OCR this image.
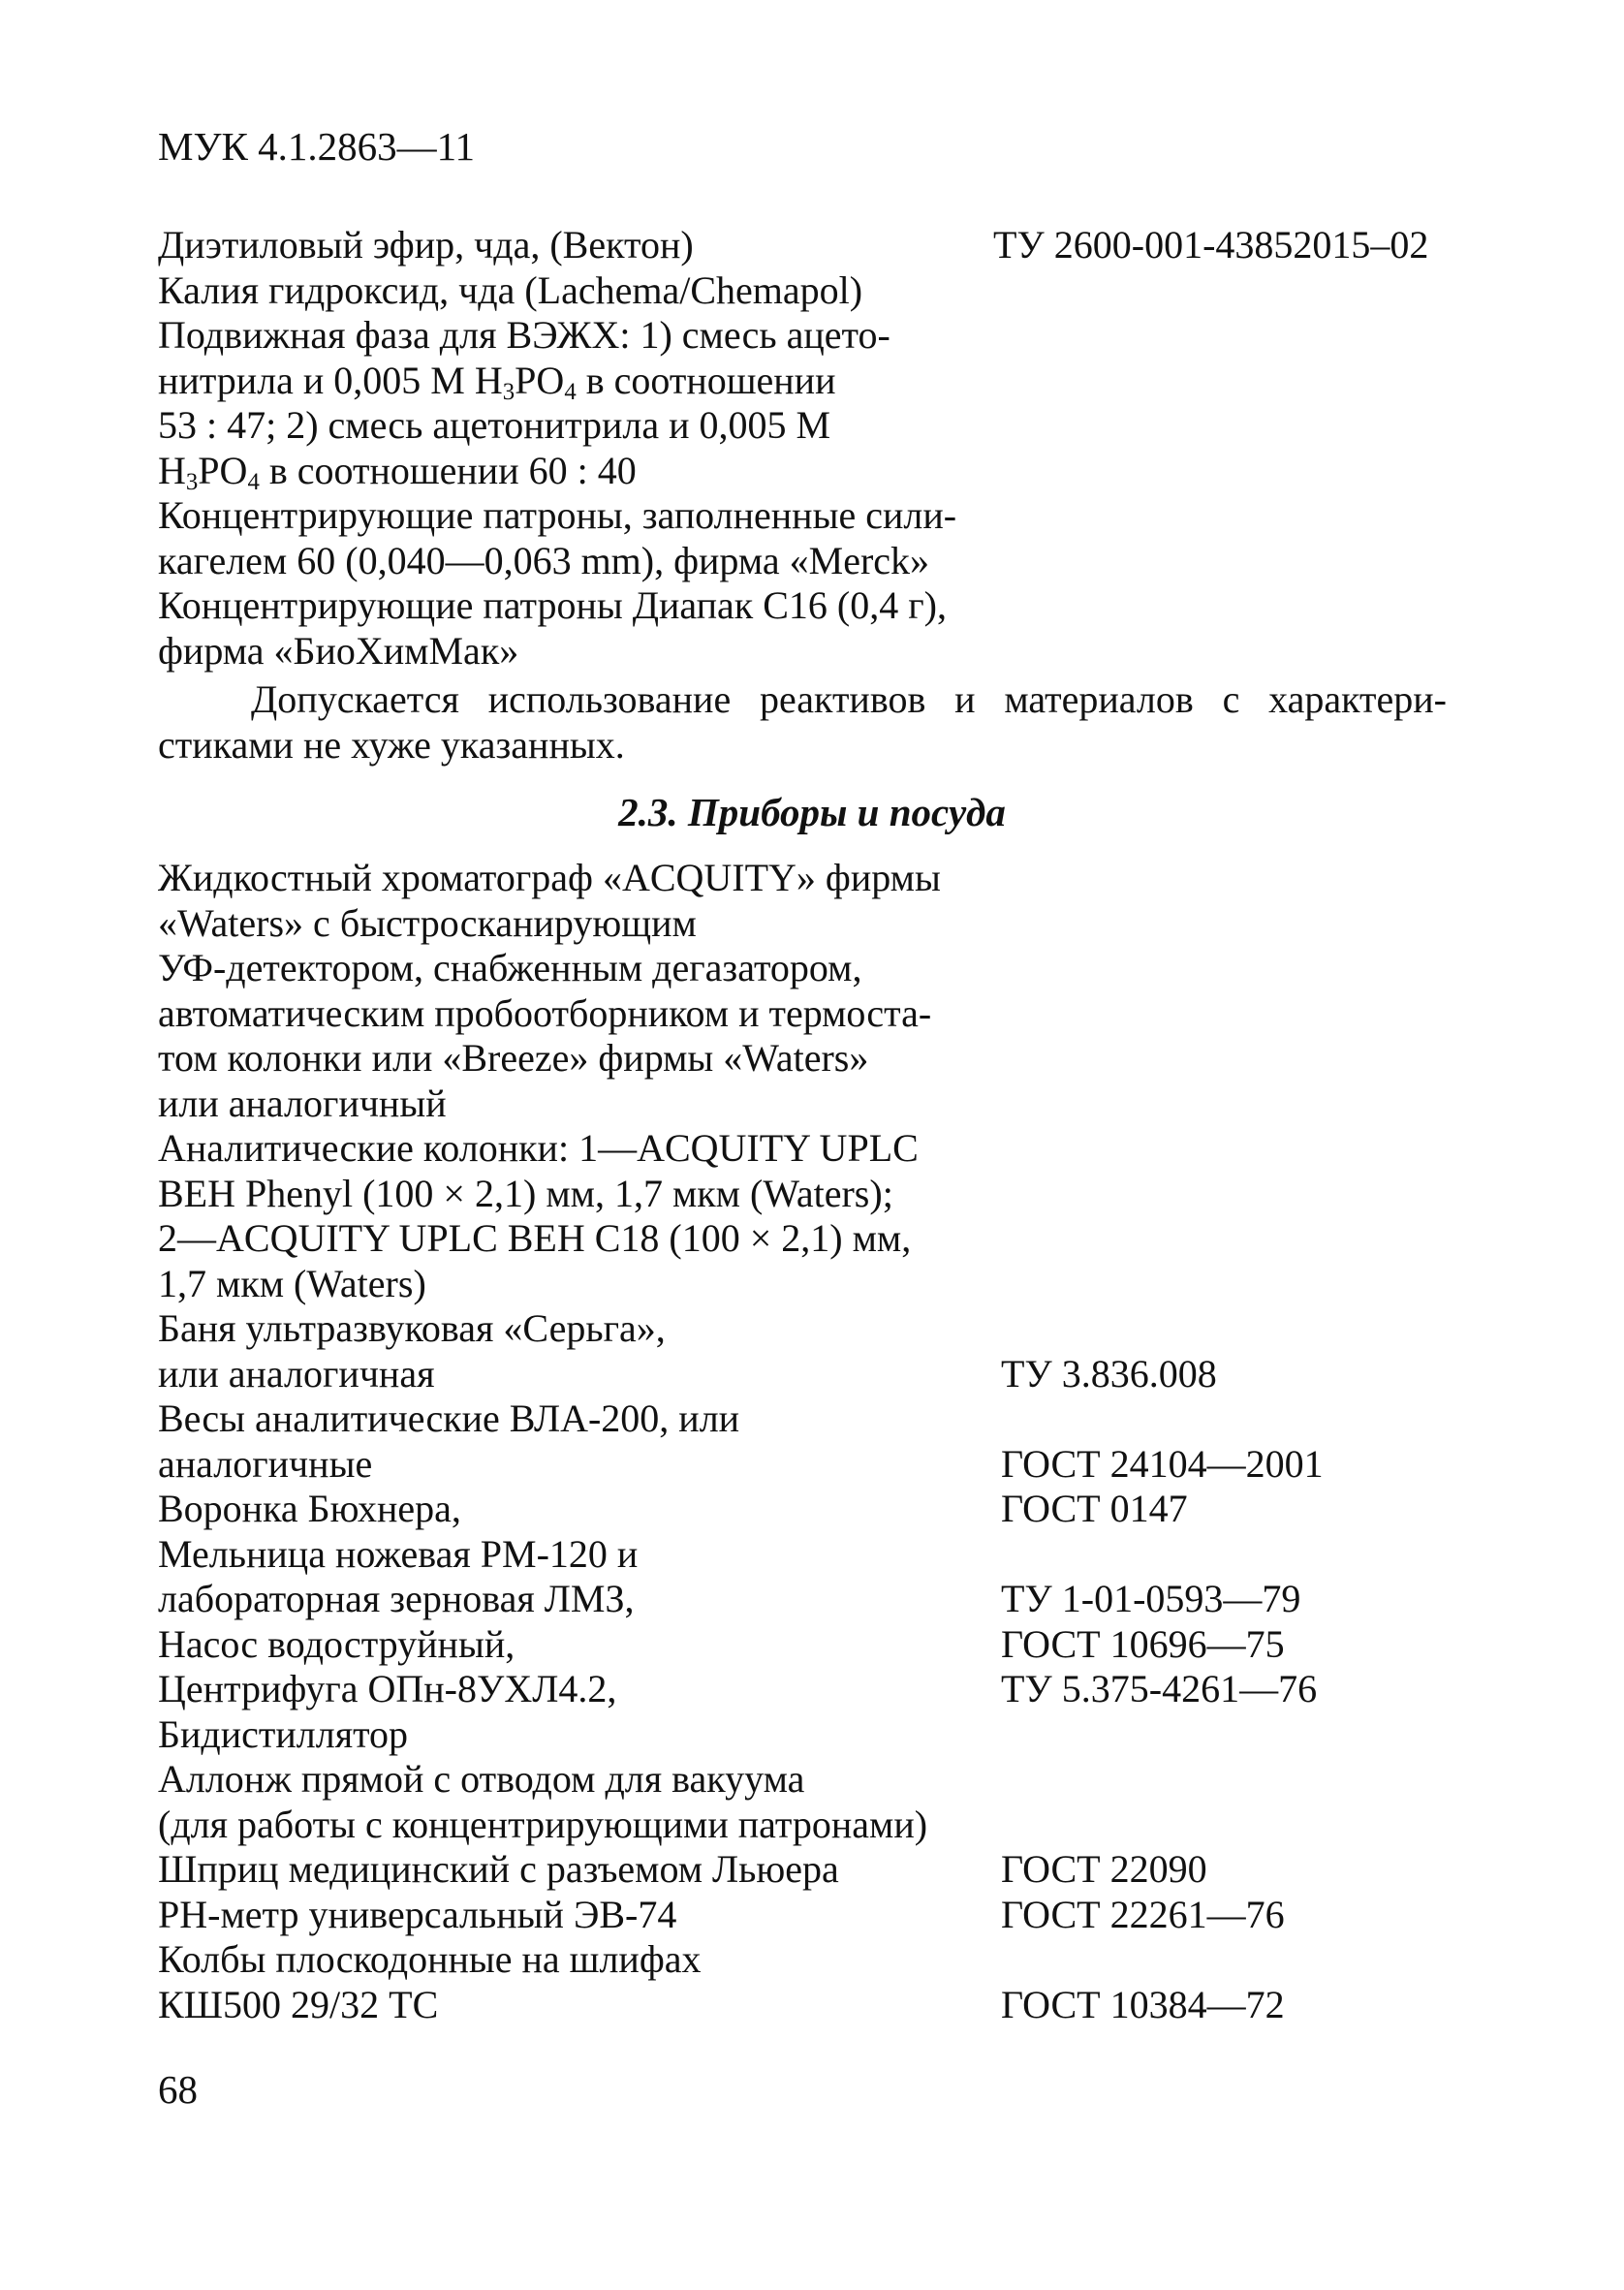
МУК 4.1.2863—11
Диэтиловый эфир, чда, (Вектон)	ТУ 2600-001-43852015–02
Калия гидроксид, чда (Lachema/Chemapol)
Подвижная фаза для ВЭЖХ: 1) смесь ацето-
нитрила и 0,005 М $H_3PO_4$ в соотношении
53 : 47; 2) смесь ацетонитрила и 0,005 М
$H_3PO_4$ в соотношении 60 : 40
Концентрирующие патроны, заполненные сили-
кагелем 60 (0,040—0,063 mm), фирма «Merck»
Концентрирующие патроны Диапак С16 (0,4 г),
фирма «БиоХимМак»
Допускается использование реактивов и материалов с характери-
стиками не хуже указанных.
2.3. Приборы и посуда
Жидкостный хроматограф «ACQUITY» фирмы
«Waters» с быстросканирующим
УФ-детектором, снабженным дегазатором,
автоматическим пробоотборником и термоста-
том колонки или «Breeze» фирмы «Waters»
или аналогичный
Аналитические колонки: 1—ACQUITY UPLC
BEH Phenyl (100 × 2,1) мм, 1,7 мкм (Waters);
2—ACQUITY UPLC BEH C18 (100 × 2,1) мм,
1,7 мкм (Waters)
Баня ультразвуковая «Серьга»,
или аналогичная	ТУ 3.836.008
Весы аналитические ВЛА-200, или
аналогичные	ГОСТ 24104—2001
Воронка Бюхнера,	ГОСТ 0147
Мельница ножевая РМ-120 и
лабораторная зерновая ЛМЗ,	ТУ 1-01-0593—79
Насос водоструйный,	ГОСТ 10696—75
Центрифуга ОПн-8УХЛ4.2,	ТУ 5.375-4261—76
Бидистиллятор
Аллонж прямой с отводом для вакуума
(для работы с концентрирующими патронами)
Шприц медицинский с разъемом Льюера	ГОСТ 22090
РН-метр универсальный ЭВ-74	ГОСТ 22261—76
Колбы плоскодонные на шлифах
КШ500 29/32 ТС	ГОСТ 10384—72
68
